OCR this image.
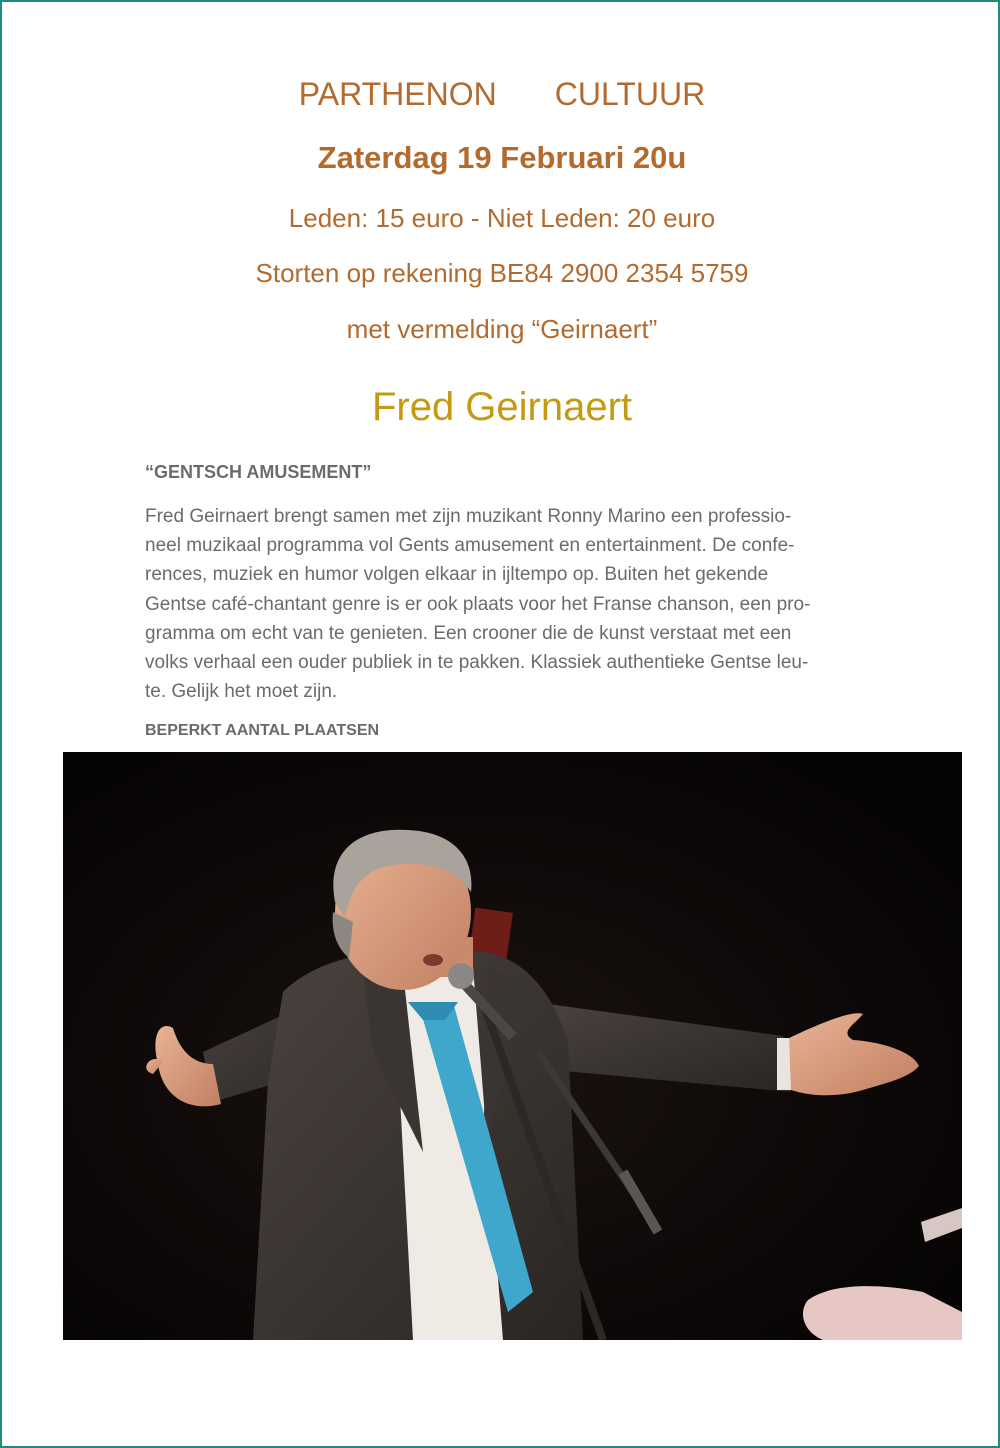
PARTHENON CULTUUR

Zaterdag 19 Februari 20u

Leden: 15 euro - Niet Leden: 20 euro

Storten op rekening BE84 2900 2354 5759

met vermelding “Geirnaert”

Fred Geirnaert

“GENTSCH AMUSEMENT”

Fred Geirnaert brengt samen met zijn muzikant Ronny Marino een professio-
neel muzikaal programma vol Gents amusement en entertainment. De confe-
rences, muziek en humor volgen elkaar in ijltempo op. Buiten het gekende
Gentse café-chantant genre is er ook plaats voor het Franse chanson, een pro-
gramma om echt van te genieten. Een crooner die de kunst verstaat met een
volks verhaal een ouder publiek in te pakken. Klassiek authentieke Gentse leu-
te. Gelijk het moet zijn.

BEPERKT AANTAL PLAATSEN
